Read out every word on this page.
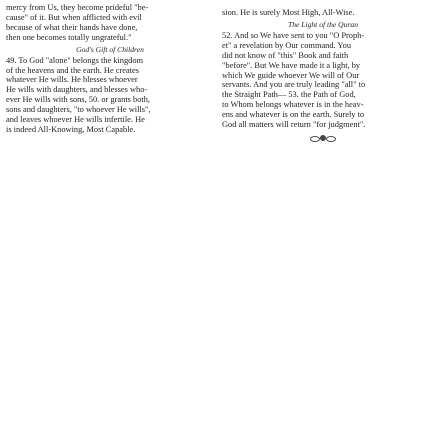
mercy from Us, they become prideful "be-
cause" of it. But when afflicted with evil
because of what their hands have done,
then one becomes totally ungrateful."
God's Gift of Children
49. To God "alone" belongs the kingdom
of the heavens and the earth. He creates
whatever He wills. He blesses whoever
He wills with daughters, and blesses who-
ever He wills with sons, 50. or grants both,
sons and daughters, "to whoever He wills",
and leaves whoever He wills infertile. He
is indeed All-Knowing, Most Capable.
sion. He is surely Most High, All-Wise.
The Light of the Quran
52. And so We have sent to you "O Proph-
et" a revelation by Our command. You
did not know of "this" Book and faith
"before". But We have made it a light, by
which We guide whoever We will of Our
servants. And you are truly leading "all" to
the Straight Path— 53. the Path of God,
to Whom belongs whatever is in the heav-
ens and whatever is on the earth. Surely to
God all matters will return "for judgment".
